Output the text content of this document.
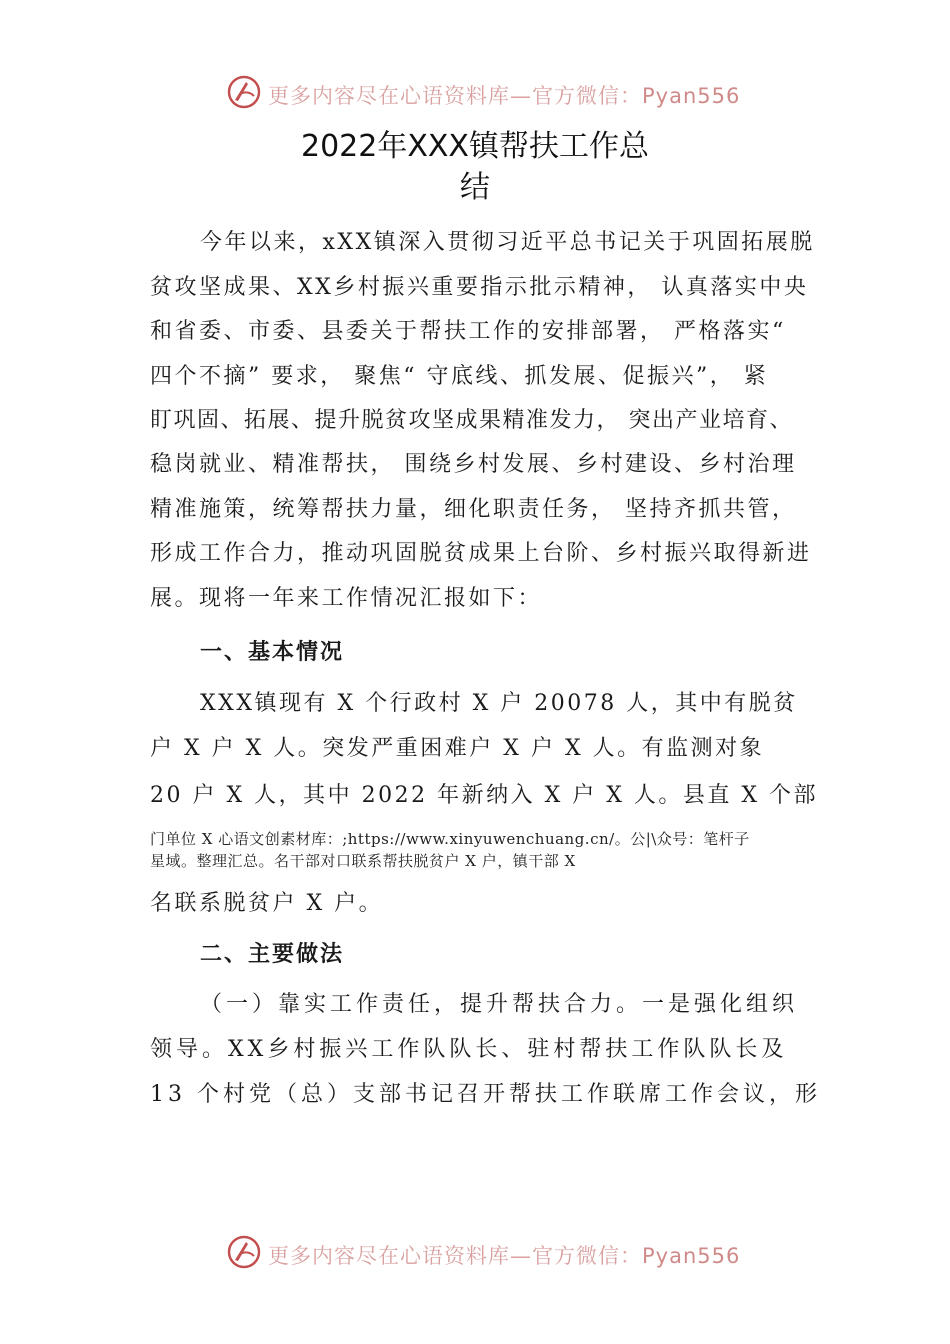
更多内容尽在心语资料库—官方微信：Pyan556
2022年XXX镇帮扶工作总
结
今年以来，xXX镇深入贯彻习近平总书记关于巩固拓展脱
贫攻坚成果、XX乡村振兴重要指示批示精神， 认真落实中央
和省委、市委、县委关于帮扶工作的安排部署， 严格落实“
四个不摘” 要求， 聚焦“ 守底线、抓发展、促振兴”， 紧
盯巩固、拓展、提升脱贫攻坚成果精准发力， 突出产业培育、
稳岗就业、精准帮扶， 围绕乡村发展、乡村建设、乡村治理
精准施策，统筹帮扶力量，细化职责任务， 坚持齐抓共管，
形成工作合力，推动巩固脱贫成果上台阶、乡村振兴取得新进
展。现将一年来工作情况汇报如下：
一、基本情况
XXX镇现有 X 个行政村 X 户 20078 人，其中有脱贫
户 X 户 X 人。突发严重困难户 X 户 X 人。有监测对象
20 户 X 人，其中 2022 年新纳入 X 户 X 人。县直 X 个部
门单位 X 心语文创素材库：;https://www.xinyuwenchuang.cn/。公|\众号：笔杆子
星域。整理汇总。名干部对口联系帮扶脱贫户 X 户，镇干部 X
名联系脱贫户 X 户。
二、主要做法
（一）靠实工作责任，提升帮扶合力。一是强化组织
领导。XX乡村振兴工作队队长、驻村帮扶工作队队长及
13 个村党（总）支部书记召开帮扶工作联席工作会议，形
更多内容尽在心语资料库—官方微信：Pyan556
